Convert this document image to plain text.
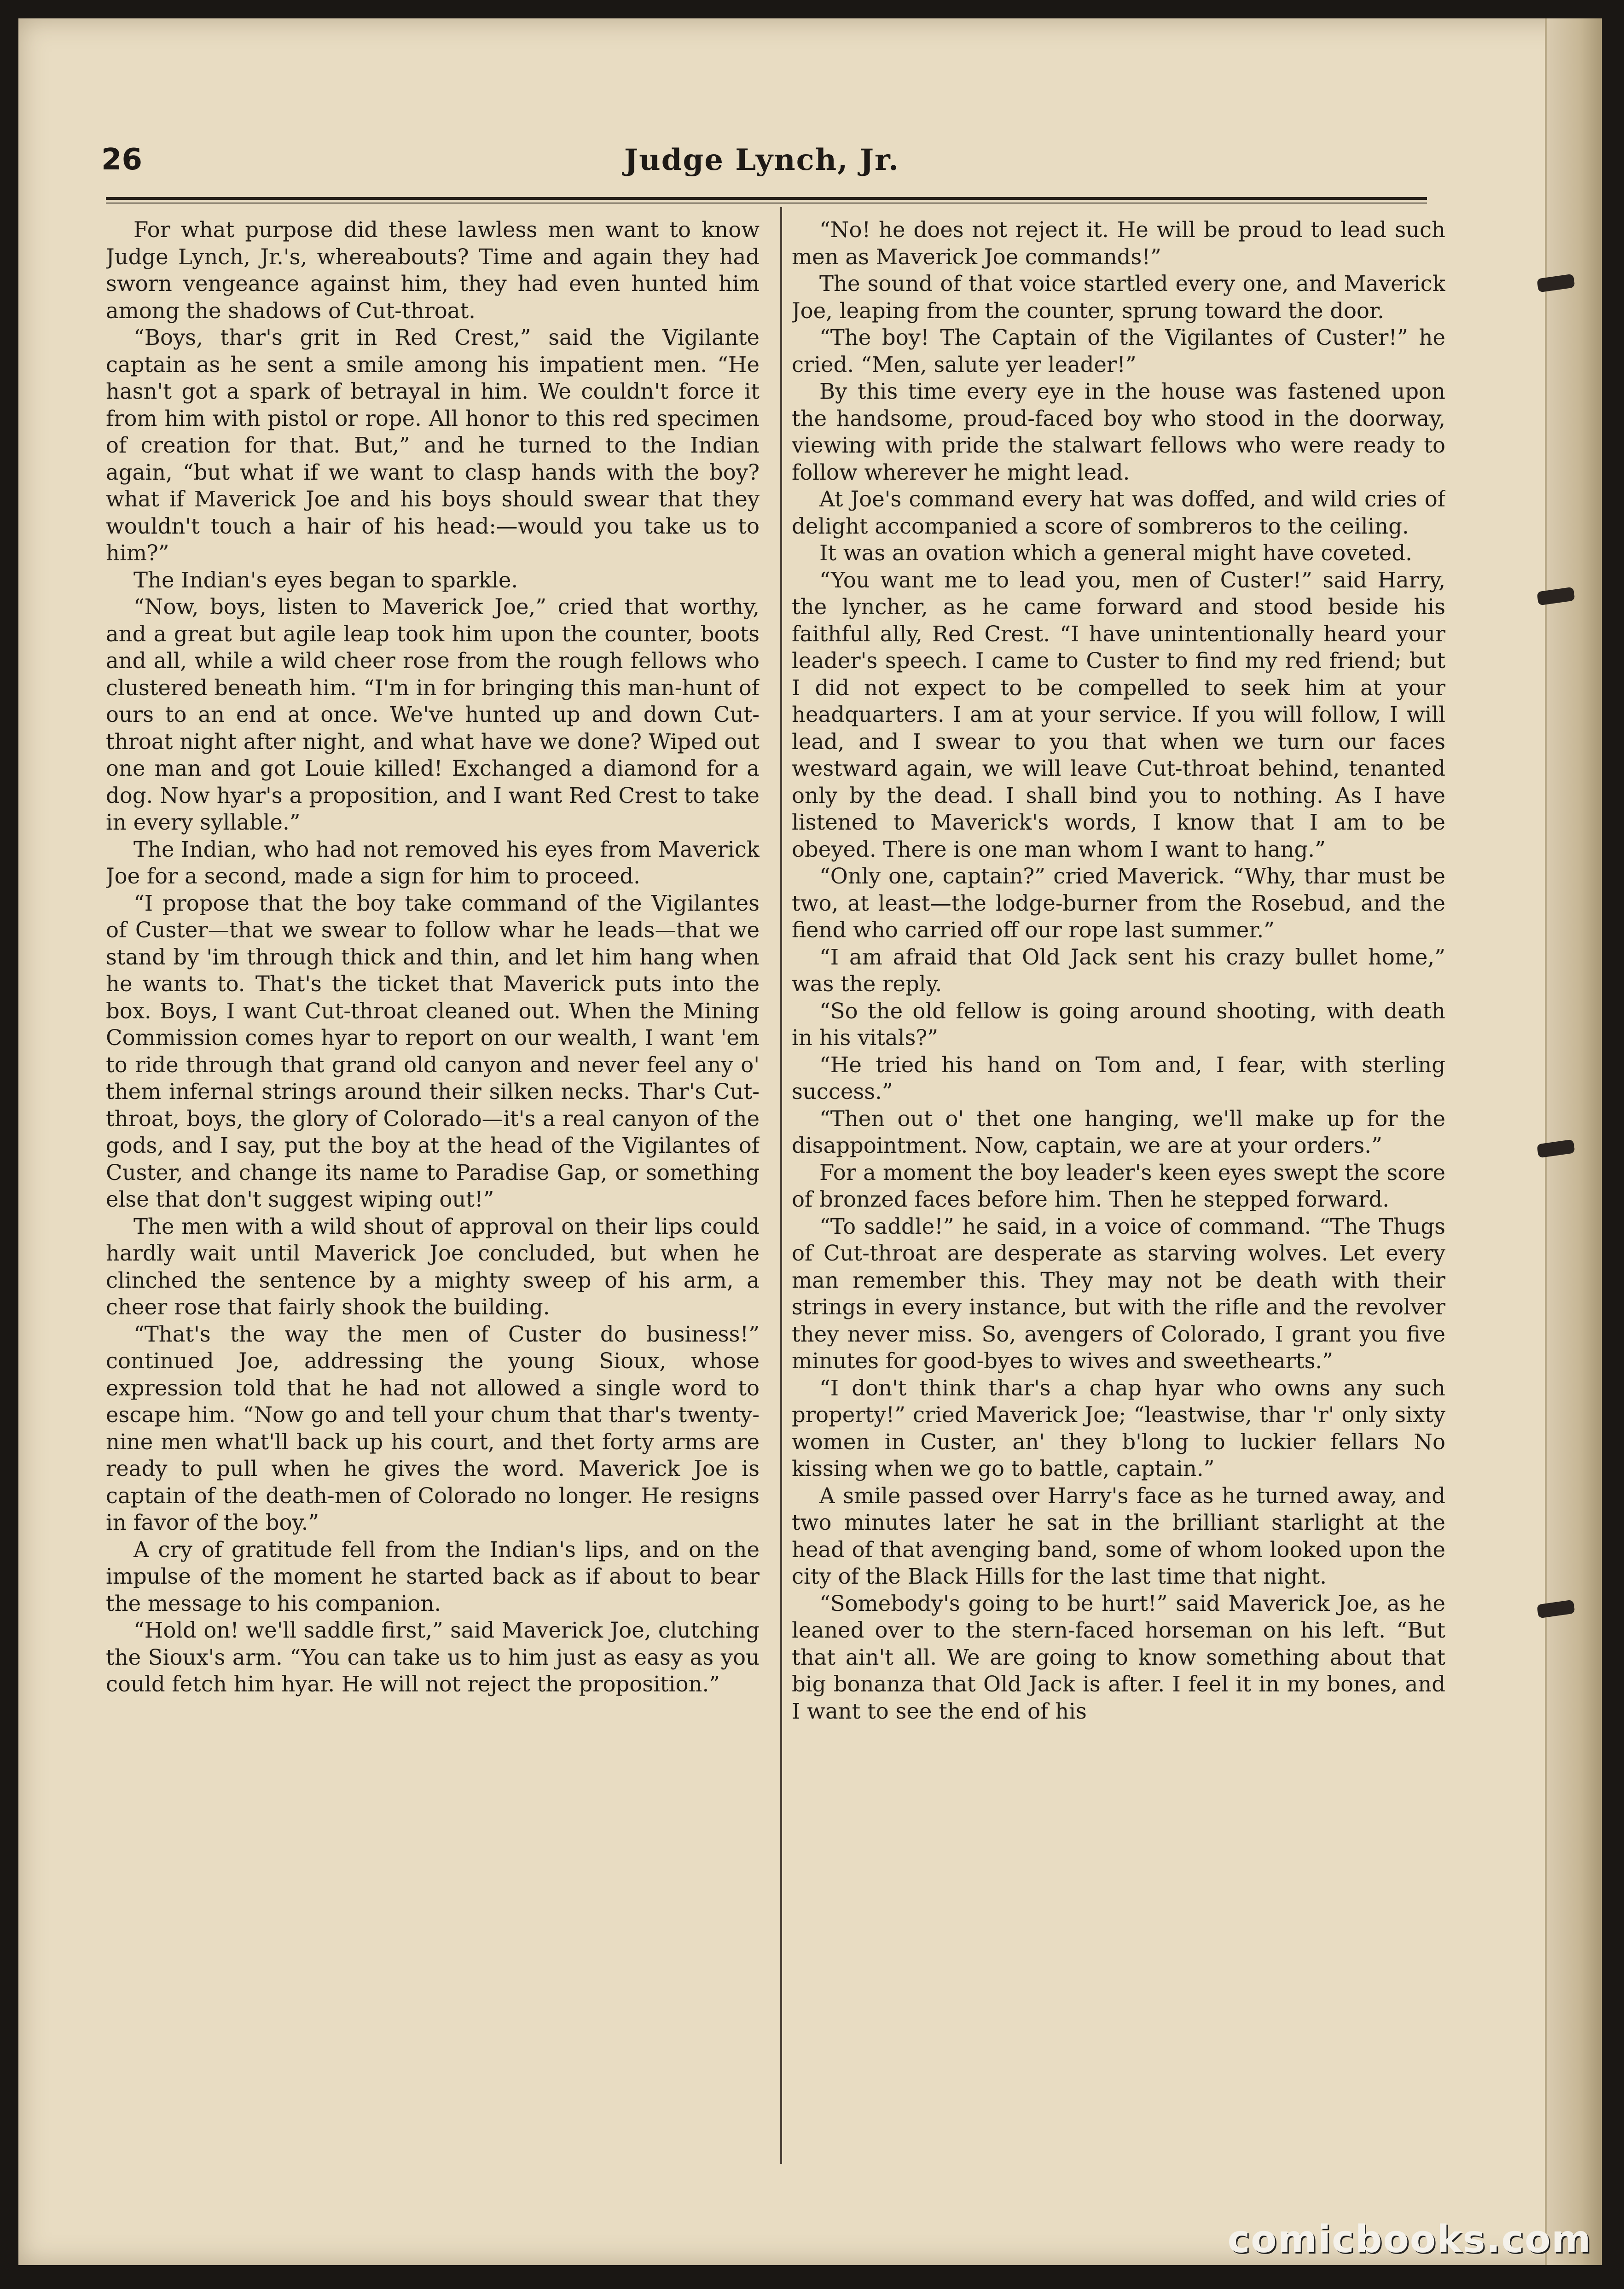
26	Judge Lynch, Jr.

For what purpose did these lawless men want to know Judge Lynch, Jr.'s, whereabouts? Time and again they had sworn vengeance against him, they had even hunted him among the shadows of Cut-throat.

“Boys, thar's grit in Red Crest,” said the Vigilante captain as he sent a smile among his impatient men. “He hasn't got a spark of betrayal in him. We couldn't force it from him with pistol or rope. All honor to this red specimen of creation for that. But,” and he turned to the Indian again, “but what if we want to clasp hands with the boy? what if Maverick Joe and his boys should swear that they wouldn't touch a hair of his head:—would you take us to him?”

The Indian's eyes began to sparkle.

“Now, boys, listen to Maverick Joe,” cried that worthy, and a great but agile leap took him upon the counter, boots and all, while a wild cheer rose from the rough fellows who clustered beneath him. “I'm in for bringing this man-hunt of ours to an end at once. We've hunted up and down Cut-throat night after night, and what have we done? Wiped out one man and got Louie killed! Exchanged a diamond for a dog. Now hyar's a proposition, and I want Red Crest to take in every syllable.”

The Indian, who had not removed his eyes from Maverick Joe for a second, made a sign for him to proceed.

“I propose that the boy take command of the Vigilantes of Custer—that we swear to follow whar he leads—that we stand by 'im through thick and thin, and let him hang when he wants to. That's the ticket that Maverick puts into the box. Boys, I want Cut-throat cleaned out. When the Mining Commission comes hyar to report on our wealth, I want 'em to ride through that grand old canyon and never feel any o' them infernal strings around their silken necks. Thar's Cut-throat, boys, the glory of Colorado—it's a real canyon of the gods, and I say, put the boy at the head of the Vigilantes of Custer, and change its name to Paradise Gap, or something else that don't suggest wiping out!”

The men with a wild shout of approval on their lips could hardly wait until Maverick Joe concluded, but when he clinched the sentence by a mighty sweep of his arm, a cheer rose that fairly shook the building.

“That's the way the men of Custer do business!” continued Joe, addressing the young Sioux, whose expression told that he had not allowed a single word to escape him. “Now go and tell your chum that thar's twenty-nine men what'll back up his court, and thet forty arms are ready to pull when he gives the word. Maverick Joe is captain of the death-men of Colorado no longer. He resigns in favor of the boy.”

A cry of gratitude fell from the Indian's lips, and on the impulse of the moment he started back as if about to bear the message to his companion.

“Hold on! we'll saddle first,” said Maverick Joe, clutching the Sioux's arm. “You can take us to him just as easy as you could fetch him hyar. He will not reject the proposition.”

“No! he does not reject it. He will be proud to lead such men as Maverick Joe commands!”

The sound of that voice startled every one, and Maverick Joe, leaping from the counter, sprung toward the door.

“The boy! The Captain of the Vigilantes of Custer!” he cried. “Men, salute yer leader!”

By this time every eye in the house was fastened upon the handsome, proud-faced boy who stood in the doorway, viewing with pride the stalwart fellows who were ready to follow wherever he might lead.

At Joe's command every hat was doffed, and wild cries of delight accompanied a score of sombreros to the ceiling.

It was an ovation which a general might have coveted.

“You want me to lead you, men of Custer!” said Harry, the lyncher, as he came forward and stood beside his faithful ally, Red Crest. “I have unintentionally heard your leader's speech. I came to Custer to find my red friend; but I did not expect to be compelled to seek him at your headquarters. I am at your service. If you will follow, I will lead, and I swear to you that when we turn our faces westward again, we will leave Cut-throat behind, tenanted only by the dead. I shall bind you to nothing. As I have listened to Maverick's words, I know that I am to be obeyed. There is one man whom I want to hang.”

“Only one, captain?” cried Maverick. “Why, thar must be two, at least—the lodge-burner from the Rosebud, and the fiend who carried off our rope last summer.”

“I am afraid that Old Jack sent his crazy bullet home,” was the reply.

“So the old fellow is going around shooting, with death in his vitals?”

“He tried his hand on Tom and, I fear, with sterling success.”

“Then out o' thet one hanging, we'll make up for the disappointment. Now, captain, we are at your orders.”

For a moment the boy leader's keen eyes swept the score of bronzed faces before him. Then he stepped forward.

“To saddle!” he said, in a voice of command. “The Thugs of Cut-throat are desperate as starving wolves. Let every man remember this. They may not be death with their strings in every instance, but with the rifle and the revolver they never miss. So, avengers of Colorado, I grant you five minutes for good-byes to wives and sweethearts.”

“I don't think thar's a chap hyar who owns any such property!” cried Maverick Joe; “leastwise, thar 'r' only sixty women in Custer, an' they b'long to luckier fellars No kissing when we go to battle, captain.”

A smile passed over Harry's face as he turned away, and two minutes later he sat in the brilliant starlight at the head of that avenging band, some of whom looked upon the city of the Black Hills for the last time that night.

“Somebody's going to be hurt!” said Maverick Joe, as he leaned over to the stern-faced horseman on his left. “But that ain't all. We are going to know something about that big bonanza that Old Jack is after. I feel it in my bones, and I want to see the end of his

comicbooks.com
